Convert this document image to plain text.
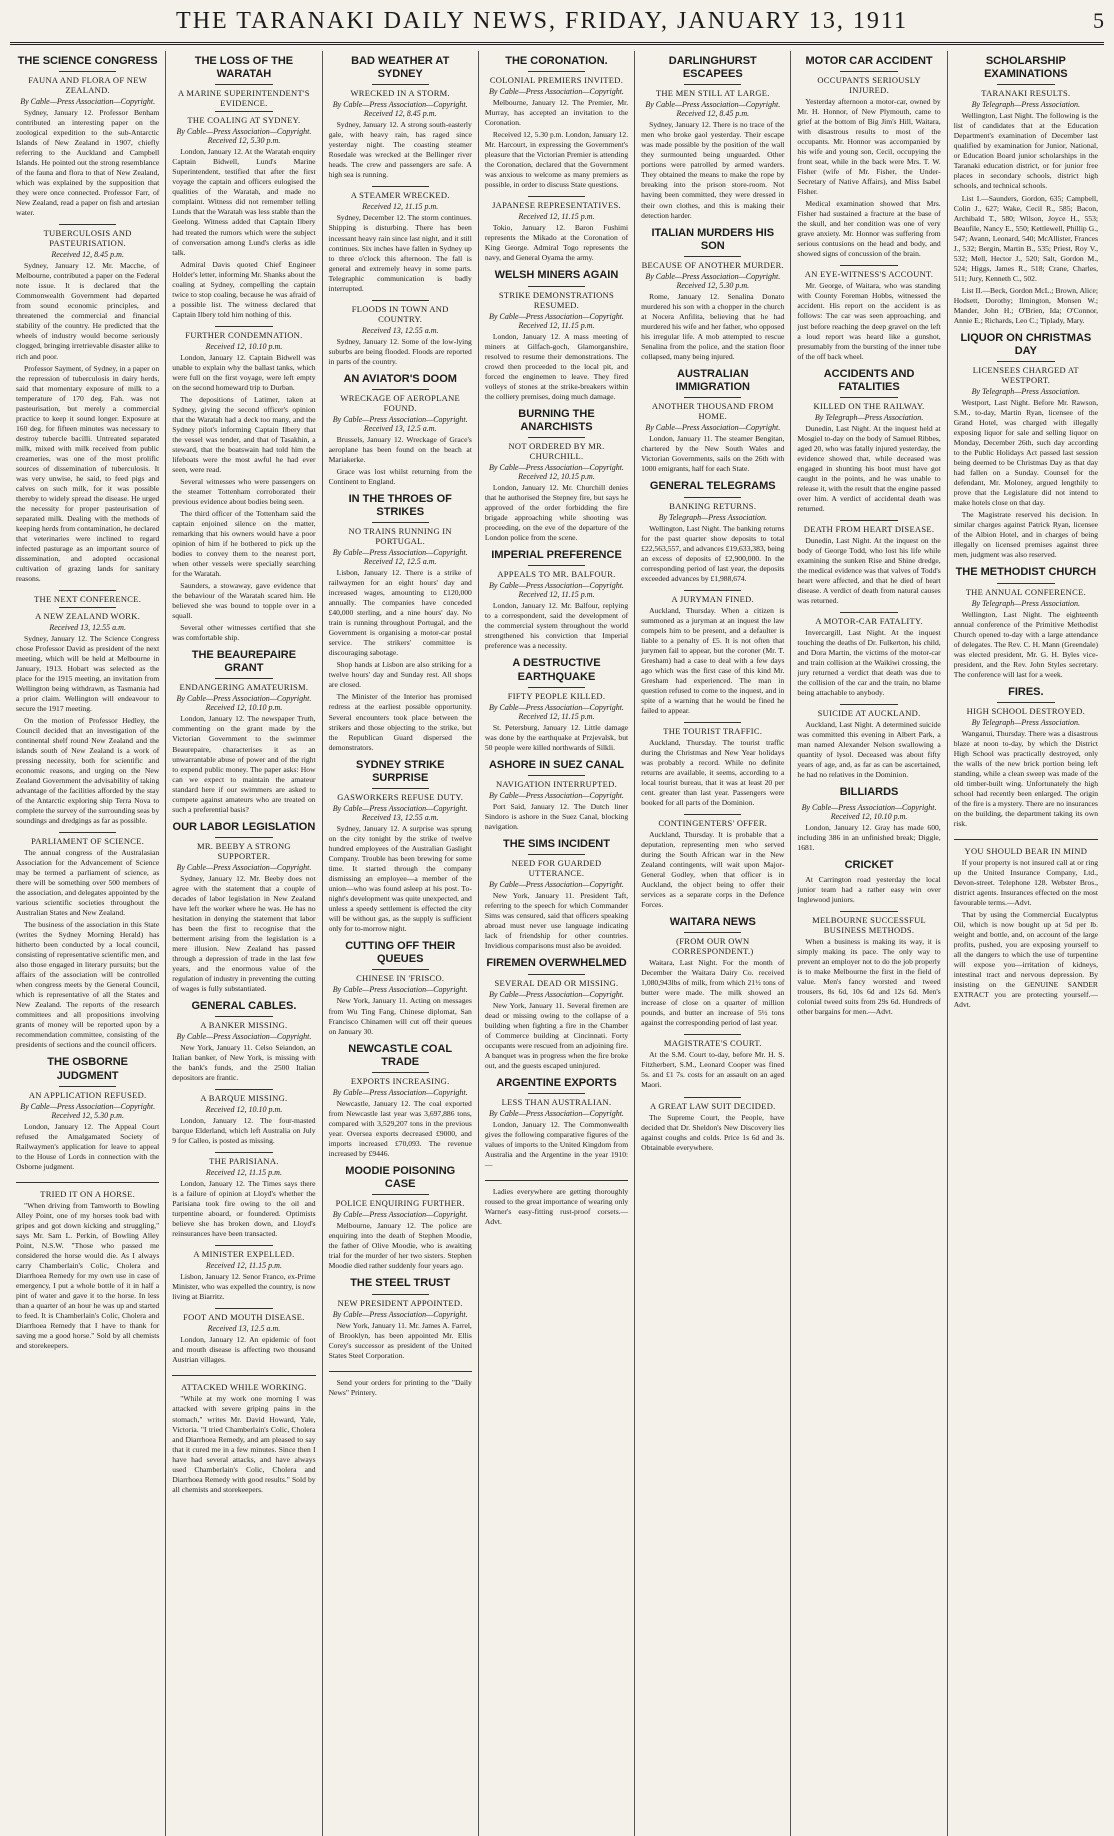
THE TARANAKI DAILY NEWS, FRIDAY, JANUARY 13, 1911	5
THE SCIENCE CONGRESS
FAUNA AND FLORA OF NEW ZEALAND.
By Cable—Press Association—Copyright.

Sydney, January 12. Professor Benham contributed an interesting paper on the zoological expedition to the sub-Antarctic Islands of New Zealand in 1907, chiefly referring to the Auckland and Campbell Islands. He pointed out the strong resemblance of the fauna and flora to that of New Zealand, which was explained by the supposition that they were once connected. Professor Farr, of New Zealand, read a paper on fish and artesian water.

TUBERCULOSIS AND PASTEURISATION.
Received 12, 8.45 p.m.

Sydney, January 12. Mr. Macche, of Melbourne, contributed a paper on the Federal note issue. It is declared that the Commonwealth Government had departed from sound economic principles, and threatened the commercial and financial stability of the country. He predicted that the wheels of industry would become seriously clogged, bringing irretrievable disaster alike to rich and poor.

Professor Sayment, of Sydney, in a paper on the repression of tuberculosis in dairy herds, said that momentary exposure of milk to a temperature of 170 deg. Fah. was not pasteurisation, but merely a commercial practice to keep it sound longer. Exposure at 160 deg. for fifteen minutes was necessary to destroy tubercle bacilli. Untreated separated milk, mixed with milk received from public creameries, was one of the most prolific sources of dissemination of tuberculosis. It was very unwise, he said, to feed pigs and calves on such milk, for it was possible thereby to widely spread the disease. He urged the necessity for proper pasteurisation of separated milk. Dealing with the methods of keeping herds from contamination, he declared that veterinaries were inclined to regard infected pasturage as an important source of dissemination, and adopted occasional cultivation of grazing lands for sanitary reasons.

THE NEXT CONFERENCE.
A NEW ZEALAND WORK.
Received 13, 12.55 a.m.

Sydney, January 12. The Science Congress chose Professor David as president of the next meeting, which will be held at Melbourne in January, 1913. Hobart was selected as the place for the 1915 meeting, an invitation from Wellington being withdrawn, as Tasmania had a prior claim. Wellington will endeavour to secure the 1917 meeting.

On the motion of Professor Hedley, the Council decided that an investigation of the continental shelf round New Zealand and the islands south of New Zealand is a work of pressing necessity, both for scientific and economic reasons, and urging on the New Zealand Government the advisability of taking advantage of the facilities afforded by the stay of the Antarctic exploring ship Terra Nova to complete the survey of the surrounding seas by soundings and dredgings as far as possible.

PARLIAMENT OF SCIENCE.

The annual congress of the Australasian Association for the Advancement of Science may be termed a parliament of science, as there will be something over 500 members of the association, and delegates appointed by the various scientific societies throughout the Australian States and New Zealand.

The business of the association in this State (writes the Sydney Morning Herald) has hitherto been conducted by a local council, consisting of representative scientific men, and also those engaged in literary pursuits; but the affairs of the association will be controlled when congress meets by the General Council, which is representative of all the States and New Zealand. The reports of the research committees and all propositions involving grants of money will be reported upon by a recommendation committee, consisting of the presidents of sections and the council officers.

THE OSBORNE JUDGMENT
AN APPLICATION REFUSED.
By Cable—Press Association—Copyright. Received 12, 5.30 p.m.

London, January 12. The Appeal Court refused the Amalgamated Society of Railwaymen's application for leave to appeal to the House of Lords in connection with the Osborne judgment.

TRIED IT ON A HORSE.

"When driving from Tamworth to Bowling Alley Point, one of my horses took bad with gripes and got down kicking and struggling," says Mr. Sam L. Perkin, of Bowling Alley Point, N.S.W. "Those who passed me considered the horse would die. As I always carry Chamberlain's Colic, Cholera and Diarrhoea Remedy for my own use in case of emergency, I put a whole bottle of it in half a pint of water and gave it to the horse. In less than a quarter of an hour he was up and started to feed. It is Chamberlain's Colic, Cholera and Diarrhoea Remedy that I have to thank for saving me a good horse." Sold by all chemists and storekeepers.

THE LOSS OF THE WARATAH
A MARINE SUPERINTENDENT'S EVIDENCE.
THE COALING AT SYDNEY.
By Cable—Press Association—Copyright. Received 12, 5.30 p.m.

London, January 12. At the Waratah enquiry Captain Bidwell, Lund's Marine Superintendent, testified that after the first voyage the captain and officers eulogised the qualities of the Waratah, and made no complaint. Witness did not remember telling Lunds that the Waratah was less stable than the Geelong. Witness added that Captain Ilbery had treated the rumors which were the subject of conversation among Lund's clerks as idle talk.

Admiral Davis quoted Chief Engineer Holder's letter, informing Mr. Shanks about the coaling at Sydney, compelling the captain twice to stop coaling, because he was afraid of a possible list. The witness declared that Captain Ilbery told him nothing of this.

FURTHER CONDEMNATION.
Received 12, 10.10 p.m.

London, January 12. Captain Bidwell was unable to explain why the ballast tanks, which were full on the first voyage, were left empty on the second homeward trip to Durban.

The depositions of Latimer, taken at Sydney, giving the second officer's opinion that the Waratah had a deck too many, and the Sydney pilot's informing Captain Ilbery that the vessel was tender, and that of Tasakhin, a steward, that the boatswain had told him the lifeboats were the most awful he had ever seen, were read.

Several witnesses who were passengers on the steamer Tottenham corroborated their previous evidence about bodies being seen.

The third officer of the Tottenham said the captain enjoined silence on the matter, remarking that his owners would have a poor opinion of him if he bothered to pick up the bodies to convey them to the nearest port, when other vessels were specially searching for the Waratah.

Saunders, a stowaway, gave evidence that the behaviour of the Waratah scared him. He believed she was bound to topple over in a squall.

Several other witnesses certified that she was comfortable ship.

THE BEAUREPAIRE GRANT
ENDANGERING AMATEURISM.
By Cable—Press Association—Copyright. Received 12, 10.10 p.m.

London, January 12. The newspaper Truth, commenting on the grant made by the Victorian Government to the swimmer Beaurepaire, characterises it as an unwarrantable abuse of power and of the right to expend public money. The paper asks: How can we expect to maintain the amateur standard here if our swimmers are asked to compete against amateurs who are treated on such a preferential basis?

OUR LABOR LEGISLATION
MR. BEEBY A STRONG SUPPORTER.
By Cable—Press Association—Copyright.

Sydney, January 12. Mr. Beeby does not agree with the statement that a couple of decades of labor legislation in New Zealand have left the worker where he was. He has no hesitation in denying the statement that labor has been the first to recognise that the betterment arising from the legislation is a mere illusion. New Zealand has passed through a depression of trade in the last few years, and the enormous value of the regulation of industry in preventing the cutting of wages is fully substantiated.

GENERAL CABLES.
A BANKER MISSING.
By Cable—Press Association—Copyright.

New York, January 11. Celso Seiandon, an Italian banker, of New York, is missing with the bank's funds, and the 2500 Italian depositors are frantic.

A BARQUE MISSING.
Received 12, 10.10 p.m.

London, January 12. The four-masted barque Elderland, which left Australia on July 9 for Calleo, is posted as missing.

THE PARISIANA.
Received 12, 11.15 p.m.

London, January 12. The Times says there is a failure of opinion at Lloyd's whether the Parisiana took fire owing to the oil and turpentine aboard, or foundered. Optimists believe she has broken down, and Lloyd's reinsurances have been transacted.

A MINISTER EXPELLED.
Received 12, 11.15 p.m.

Lisbon, January 12. Senor Franco, ex-Prime Minister, who was expelled the country, is now living at Biarritz.

FOOT AND MOUTH DISEASE.
Received 13, 12.5 a.m.

London, January 12. An epidemic of foot and mouth disease is affecting two thousand Austrian villages.

ATTACKED WHILE WORKING.

"While at my work one morning I was attacked with severe griping pains in the stomach," writes Mr. David Howard, Yale, Victoria. "I tried Chamberlain's Colic, Cholera and Diarrhoea Remedy, and am pleased to say that it cured me in a few minutes. Since then I have had several attacks, and have always used Chamberlain's Colic, Cholera and Diarrhoea Remedy with good results." Sold by all chemists and storekeepers.

BAD WEATHER AT SYDNEY
WRECKED IN A STORM.
By Cable—Press Association—Copyright. Received 12, 8.45 p.m.

Sydney, January 12. A strong south-easterly gale, with heavy rain, has raged since yesterday night. The coasting steamer Rosedale was wrecked at the Bellinger river heads. The crew and passengers are safe. A high sea is running.

A STEAMER WRECKED.
Received 12, 11.15 p.m.

Sydney, December 12. The storm continues. Shipping is disturbing. There has been incessant heavy rain since last night, and it still continues. Six inches have fallen in Sydney up to three o'clock this afternoon. The fall is general and extremely heavy in some parts. Telegraphic communication is badly interrupted.

FLOODS IN TOWN AND COUNTRY.
Received 13, 12.55 a.m.

Sydney, January 12. Some of the low-lying suburbs are being flooded. Floods are reported in parts of the country.

AN AVIATOR'S DOOM
WRECKAGE OF AEROPLANE FOUND.
By Cable—Press Association—Copyright. Received 13, 12.5 a.m.

Brussels, January 12. Wreckage of Grace's aeroplane has been found on the beach at Mariakerke.

Grace was lost whilst returning from the Continent to England.

IN THE THROES OF STRIKES
NO TRAINS RUNNING IN PORTUGAL.
By Cable—Press Association—Copyright. Received 12, 12.5 a.m.

Lisbon, January 12. There is a strike of railwaymen for an eight hours' day and increased wages, amounting to £120,000 annually. The companies have conceded £40,000 sterling, and a nine hours' day. No train is running throughout Portugal, and the Government is organising a motor-car postal service. The strikers' committee is discouraging sabotage.

Shop hands at Lisbon are also striking for a twelve hours' day and Sunday rest. All shops are closed.

The Minister of the Interior has promised redress at the earliest possible opportunity. Several encounters took place between the strikers and those objecting to the strike, but the Republican Guard dispersed the demonstrators.

SYDNEY STRIKE SURPRISE
GASWORKERS REFUSE DUTY.
By Cable—Press Association—Copyright. Received 13, 12.55 a.m.

Sydney, January 12. A surprise was sprung on the city tonight by the strike of twelve hundred employees of the Australian Gaslight Company. Trouble has been brewing for some time. It started through the company dismissing an employee—a member of the union—who was found asleep at his post. To-night's development was quite unexpected, and unless a speedy settlement is effected the city will be without gas, as the supply is sufficient only for to-morrow night.

CUTTING OFF THEIR QUEUES
CHINESE IN 'FRISCO.
By Cable—Press Association—Copyright.

New York, January 11. Acting on messages from Wu Ting Fang, Chinese diplomat, San Francisco Chinamen will cut off their queues on January 30.

NEWCASTLE COAL TRADE
EXPORTS INCREASING.
By Cable—Press Association—Copyright.

Newcastle, January 12. The coal exported from Newcastle last year was 3,697,886 tons, compared with 3,529,207 tons in the previous year. Oversea exports decreased £9000, and imports increased £70,093. The revenue increased by £9446.

MOODIE POISONING CASE
POLICE ENQUIRING FURTHER.
By Cable—Press Association—Copyright.

Melbourne, January 12. The police are enquiring into the death of Stephen Moodie, the father of Olive Moodie, who is awaiting trial for the murder of her two sisters. Stephen Moodie died rather suddenly four years ago.

THE STEEL TRUST
NEW PRESIDENT APPOINTED.
By Cable—Press Association—Copyright.

New York, January 11. Mr. James A. Farrel, of Brooklyn, has been appointed Mr. Ellis Corey's successor as president of the United States Steel Corporation.

Send your orders for printing to the "Daily News" Printery.

THE CORONATION.
COLONIAL PREMIERS INVITED.
By Cable—Press Association—Copyright.

Melbourne, January 12. The Premier, Mr. Murray, has accepted an invitation to the Coronation.

Received 12, 5.30 p.m. London, January 12. Mr. Harcourt, in expressing the Government's pleasure that the Victorian Premier is attending the Coronation, declared that the Government was anxious to welcome as many premiers as possible, in order to discuss State questions.

JAPANESE REPRESENTATIVES.
Received 12, 11.15 p.m.

Tokio, January 12. Baron Fushimi represents the Mikado at the Coronation of King George. Admiral Togo represents the navy, and General Oyama the army.

WELSH MINERS AGAIN
STRIKE DEMONSTRATIONS RESUMED.
By Cable—Press Association—Copyright. Received 12, 11.15 p.m.

London, January 12. A mass meeting of miners at Gilfach-goch, Glamorganshire, resolved to resume their demonstrations. The crowd then proceeded to the local pit, and forced the enginemen to leave. They fired volleys of stones at the strike-breakers within the colliery premises, doing much damage.

BURNING THE ANARCHISTS
NOT ORDERED BY MR. CHURCHILL.
By Cable—Press Association—Copyright. Received 12, 10.15 p.m.

London, January 12. Mr. Churchill denies that he authorised the Stepney fire, but says he approved of the order forbidding the fire brigade approaching while shooting was proceeding, on the eve of the departure of the London police from the scene.

IMPERIAL PREFERENCE
APPEALS TO MR. BALFOUR.
By Cable—Press Association—Copyright. Received 12, 11.15 p.m.

London, January 12. Mr. Balfour, replying to a correspondent, said the development of the commercial system throughout the world strengthened his conviction that Imperial preference was a necessity.

A DESTRUCTIVE EARTHQUAKE
FIFTY PEOPLE KILLED.
By Cable—Press Association—Copyright. Received 12, 11.15 p.m.

St. Petersburg, January 12. Little damage was done by the earthquake at Przjevalsk, but 50 people were killed northwards of Silkli.

ASHORE IN SUEZ CANAL
NAVIGATION INTERRUPTED.
By Cable—Press Association—Copyright.

Port Said, January 12. The Dutch liner Sindoro is ashore in the Suez Canal, blocking navigation.

THE SIMS INCIDENT
NEED FOR GUARDED UTTERANCE.
By Cable—Press Association—Copyright.

New York, January 11. President Taft, referring to the speech for which Commander Sims was censured, said that officers speaking abroad must never use language indicating lack of friendship for other countries. Invidious comparisons must also be avoided.

FIREMEN OVERWHELMED
SEVERAL DEAD OR MISSING.
By Cable—Press Association—Copyright.

New York, January 11. Several firemen are dead or missing owing to the collapse of a building when fighting a fire in the Chamber of Commerce building at Cincinnati. Forty occupants were rescued from an adjoining fire. A banquet was in progress when the fire broke out, and the guests escaped uninjured.

ARGENTINE EXPORTS
LESS THAN AUSTRALIAN.
By Cable—Press Association—Copyright.

London, January 12. The Commonwealth gives the following comparative figures of the values of imports to the United Kingdom from Australia and the Argentine in the year 1910:—

Ladies everywhere are getting thoroughly roused to the great importance of wearing only Warner's easy-fitting rust-proof corsets.—Advt.

DARLINGHURST ESCAPEES
THE MEN STILL AT LARGE.
By Cable—Press Association—Copyright. Received 12, 8.45 p.m.

Sydney, January 12. There is no trace of the men who broke gaol yesterday. Their escape was made possible by the position of the wall they surmounted being unguarded. Other portions were patrolled by armed warders. They obtained the means to make the rope by breaking into the prison store-room. Not having been committed, they were dressed in their own clothes, and this is making their detection harder.

ITALIAN MURDERS HIS SON
BECAUSE OF ANOTHER MURDER.
By Cable—Press Association—Copyright. Received 12, 5.30 p.m.

Rome, January 12. Senalina Donato murdered his son with a chopper in the church at Nocera Anfilita, believing that he had murdered his wife and her father, who opposed his irregular life. A mob attempted to rescue Senalina from the police, and the station floor collapsed, many being injured.

AUSTRALIAN IMMIGRATION
ANOTHER THOUSAND FROM HOME.
By Cable—Press Association—Copyright.

London, January 11. The steamer Bengitan, chartered by the New South Wales and Victorian Governments, sails on the 26th with 1000 emigrants, half for each State.

GENERAL TELEGRAMS
BANKING RETURNS.
By Telegraph—Press Association.

Wellington, Last Night. The banking returns for the past quarter show deposits to total £22,563,557, and advances £19,633,383, being an excess of deposits of £2,900,000. In the corresponding period of last year, the deposits exceeded advances by £1,988,674.

A JURYMAN FINED.

Auckland, Thursday. When a citizen is summoned as a juryman at an inquest the law compels him to be present, and a defaulter is liable to a penalty of £5. It is not often that jurymen fail to appear, but the coroner (Mr. T. Gresham) had a case to deal with a few days ago which was the first case of this kind Mr. Gresham had experienced. The man in question refused to come to the inquest, and in spite of a warning that he would be fined he failed to appear.

THE TOURIST TRAFFIC.

Auckland, Thursday. The tourist traffic during the Christmas and New Year holidays was probably a record. While no definite returns are available, it seems, according to a local tourist bureau, that it was at least 20 per cent. greater than last year. Passengers were booked for all parts of the Dominion.

CONTINGENTERS' OFFER.

Auckland, Thursday. It is probable that a deputation, representing men who served during the South African war in the New Zealand contingents, will wait upon Major-General Godley, when that officer is in Auckland, the object being to offer their services as a separate corps in the Defence Forces.

WAITARA NEWS
(FROM OUR OWN CORRESPONDENT.)

Waitara, Last Night. For the month of December the Waitara Dairy Co. received 1,080,943lbs of milk, from which 21½ tons of butter were made. The milk showed an increase of close on a quarter of million pounds, and butter an increase of 5½ tons against the corresponding period of last year.

MAGISTRATE'S COURT.

At the S.M. Court to-day, before Mr. H. S. Fitzherbert, S.M., Leonard Cooper was fined 5s. and £1 7s. costs for an assault on an aged Maori.

A GREAT LAW SUIT DECIDED.

The Supreme Court, the People, have decided that Dr. Sheldon's New Discovery lies against coughs and colds. Price 1s 6d and 3s. Obtainable everywhere.

MOTOR CAR ACCIDENT
OCCUPANTS SERIOUSLY INJURED.

Yesterday afternoon a motor-car, owned by Mr. H. Honnor, of New Plymouth, came to grief at the bottom of Big Jim's Hill, Waitara, with disastrous results to most of the occupants. Mr. Honnor was accompanied by his wife and young son, Cecil, occupying the front seat, while in the back were Mrs. T. W. Fisher (wife of Mr. Fisher, the Under-Secretary of Native Affairs), and Miss Isabel Fisher.

Medical examination showed that Mrs. Fisher had sustained a fracture at the base of the skull, and her condition was one of very grave anxiety. Mr. Honnor was suffering from serious contusions on the head and body, and showed signs of concussion of the brain.

AN EYE-WITNESS'S ACCOUNT.

Mr. George, of Waitara, who was standing with County Foreman Hobbs, witnessed the accident. His report on the accident is as follows: The car was seen approaching, and just before reaching the deep gravel on the left a loud report was heard like a gunshot, presumably from the bursting of the inner tube of the off back wheel.

ACCIDENTS AND FATALITIES
KILLED ON THE RAILWAY.
By Telegraph—Press Association.

Dunedin, Last Night. At the inquest held at Mosgiel to-day on the body of Samuel Ribbes, aged 20, who was fatally injured yesterday, the evidence showed that, while deceased was engaged in shunting his boot must have got caught in the points, and he was unable to release it, with the result that the engine passed over him. A verdict of accidental death was returned.

DEATH FROM HEART DISEASE.

Dunedin, Last Night. At the inquest on the body of George Todd, who lost his life while examining the sunken Rise and Shine dredge, the medical evidence was that valves of Todd's heart were affected, and that he died of heart disease. A verdict of death from natural causes was returned.

A MOTOR-CAR FATALITY.

Invercargill, Last Night. At the inquest touching the deaths of Dr. Fulkerton, his child, and Dora Martin, the victims of the motor-car and train collision at the Waikiwi crossing, the jury returned a verdict that death was due to the collision of the car and the train, no blame being attachable to anybody.

SUICIDE AT AUCKLAND.

Auckland, Last Night. A determined suicide was committed this evening in Albert Park, a man named Alexander Nelson swallowing a quantity of lysol. Deceased was about fifty years of age, and, as far as can be ascertained, he had no relatives in the Dominion.

BILLIARDS
By Cable—Press Association—Copyright. Received 12, 10.10 p.m.

London, January 12. Gray has made 600, including 386 in an unfinished break; Diggle, 1681.

CRICKET

At Carrington road yesterday the local junior team had a rather easy win over Inglewood juniors.

MELBOURNE SUCCESSFUL BUSINESS METHODS.

When a business is making its way, it is simply making its pace. The only way to prevent an employer not to do the job properly is to make Melbourne the first in the field of value. Men's fancy worsted and tweed trousers, 8s 6d, 10s 6d and 12s 6d. Men's colonial tweed suits from 29s 6d. Hundreds of other bargains for men.—Advt.

SCHOLARSHIP EXAMINATIONS
TARANAKI RESULTS.
By Telegraph—Press Association.

Wellington, Last Night. The following is the list of candidates that at the Education Department's examination of December last qualified by examination for Junior, National, or Education Board junior scholarships in the Taranaki education district, or for junior free places in secondary schools, district high schools, and technical schools.

List I.—Saunders, Gordon, 635; Campbell, Colin J., 627; Wake, Cecil R., 585; Bacon, Archibald T., 580; Wilson, Joyce H., 553; Beaufile, Nancy E., 550; Kettlewell, Phillip G., 547; Avann, Leonard, 540; McAllister, Frances J., 532; Bergin, Martin B., 535; Priest, Roy V., 532; Mell, Hector J., 520; Salt, Gordon M., 524; Higgs, James R., 518; Crane, Charles, 511; Jury, Kenneth C., 502.

List II.—Beck, Gordon McL.; Brown, Alice; Hodsett, Dorothy; Ilmington, Monsen W.; Mander, John H.; O'Brien, Ida; O'Connor, Annie E.; Richards, Leo C.; Tiplady, Mary.

LIQUOR ON CHRISTMAS DAY
LICENSEES CHARGED AT WESTPORT.
By Telegraph—Press Association.

Westport, Last Night. Before Mr. Rawson, S.M., to-day, Martin Ryan, licensee of the Grand Hotel, was charged with illegally exposing liquor for sale and selling liquor on Monday, December 26th, such day according to the Public Holidays Act passed last session being deemed to be Christmas Day as that day had fallen on a Sunday. Counsel for the defendant, Mr. Moloney, argued lengthily to prove that the Legislature did not intend to make hotels close on that day.

The Magistrate reserved his decision. In similar charges against Patrick Ryan, licensee of the Albion Hotel, and in charges of being illegally on licensed premises against three men, judgment was also reserved.

THE METHODIST CHURCH
THE ANNUAL CONFERENCE.
By Telegraph—Press Association.

Wellington, Last Night. The eighteenth annual conference of the Primitive Methodist Church opened to-day with a large attendance of delegates. The Rev. C. H. Mann (Greendale) was elected president, Mr. G. H. Byles vice-president, and the Rev. John Styles secretary. The conference will last for a week.

FIRES.
HIGH SCHOOL DESTROYED.
By Telegraph—Press Association.

Wanganui, Thursday. There was a disastrous blaze at noon to-day, by which the District High School was practically destroyed, only the walls of the new brick portion being left standing, while a clean sweep was made of the old timber-built wing. Unfortunately the high school had recently been enlarged. The origin of the fire is a mystery. There are no insurances on the building, the department taking its own risk.

YOU SHOULD BEAR IN MIND

If your property is not insured call at or ring up the United Insurance Company, Ltd., Devon-street. Telephone 128. Webster Bros., district agents. Insurances effected on the most favourable terms.—Advt.

That by using the Commercial Eucalyptus Oil, which is now bought up at 5d per lb. weight and bottle, and, on account of the large profits, pushed, you are exposing yourself to all the dangers to which the use of turpentine will expose you—irritation of kidneys, intestinal tract and nervous depression. By insisting on the GENUINE SANDER EXTRACT you are protecting yourself.—Advt.
